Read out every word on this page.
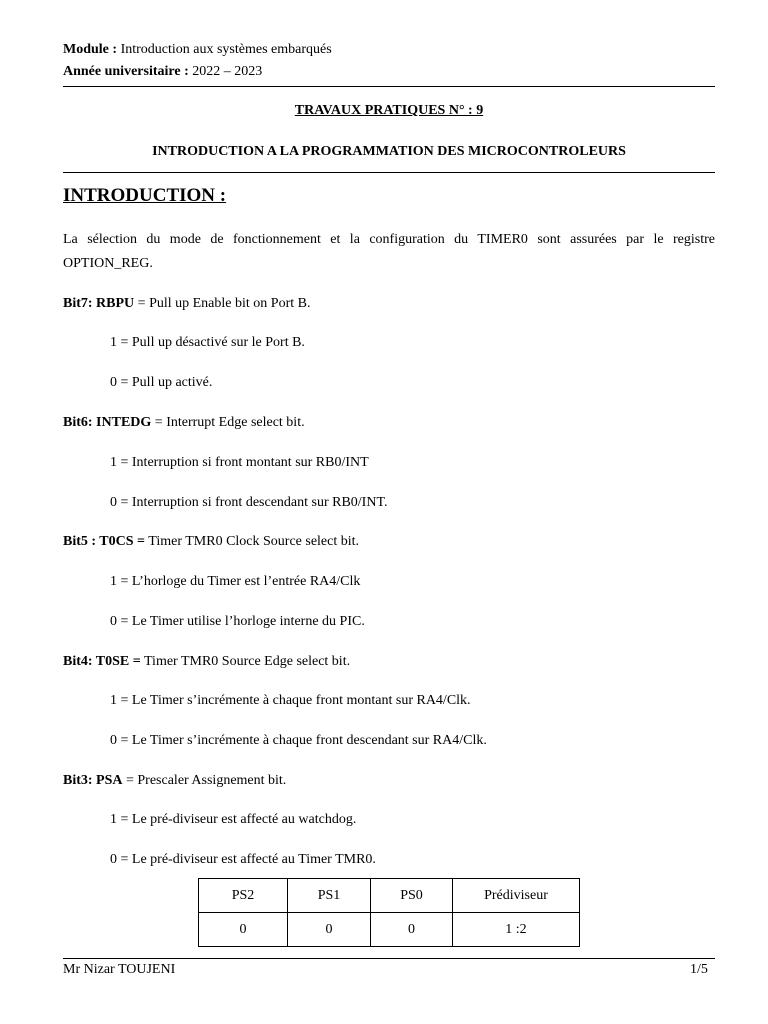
Module : Introduction aux systèmes embarqués
Année universitaire : 2022 – 2023
TRAVAUX PRATIQUES N° : 9
INTRODUCTION A LA PROGRAMMATION DES MICROCONTROLEURS
INTRODUCTION :
La sélection du mode de fonctionnement et la configuration du TIMER0 sont assurées par le registre OPTION_REG.
Bit7: RBPU = Pull up Enable bit on Port B.
1 = Pull up désactivé sur le Port B.
0 = Pull up activé.
Bit6: INTEDG = Interrupt Edge select bit.
1 = Interruption si front montant sur RB0/INT
0 = Interruption si front descendant sur RB0/INT.
Bit5 : T0CS = Timer TMR0 Clock Source select bit.
1 = L’horloge du Timer est l’entrée RA4/Clk
0 = Le Timer utilise l’horloge interne du PIC.
Bit4: T0SE = Timer TMR0 Source Edge select bit.
1 = Le Timer s’incrémente à chaque front montant sur RA4/Clk.
0 = Le Timer s’incrémente à chaque front descendant sur RA4/Clk.
Bit3: PSA = Prescaler Assignement bit.
1 = Le pré-diviseur est affecté au watchdog.
0 = Le pré-diviseur est affecté au Timer TMR0.
PS2	PS1	PS0	Prédiviseur
0	0	0	1 :2
Mr Nizar TOUJENI	1/5
